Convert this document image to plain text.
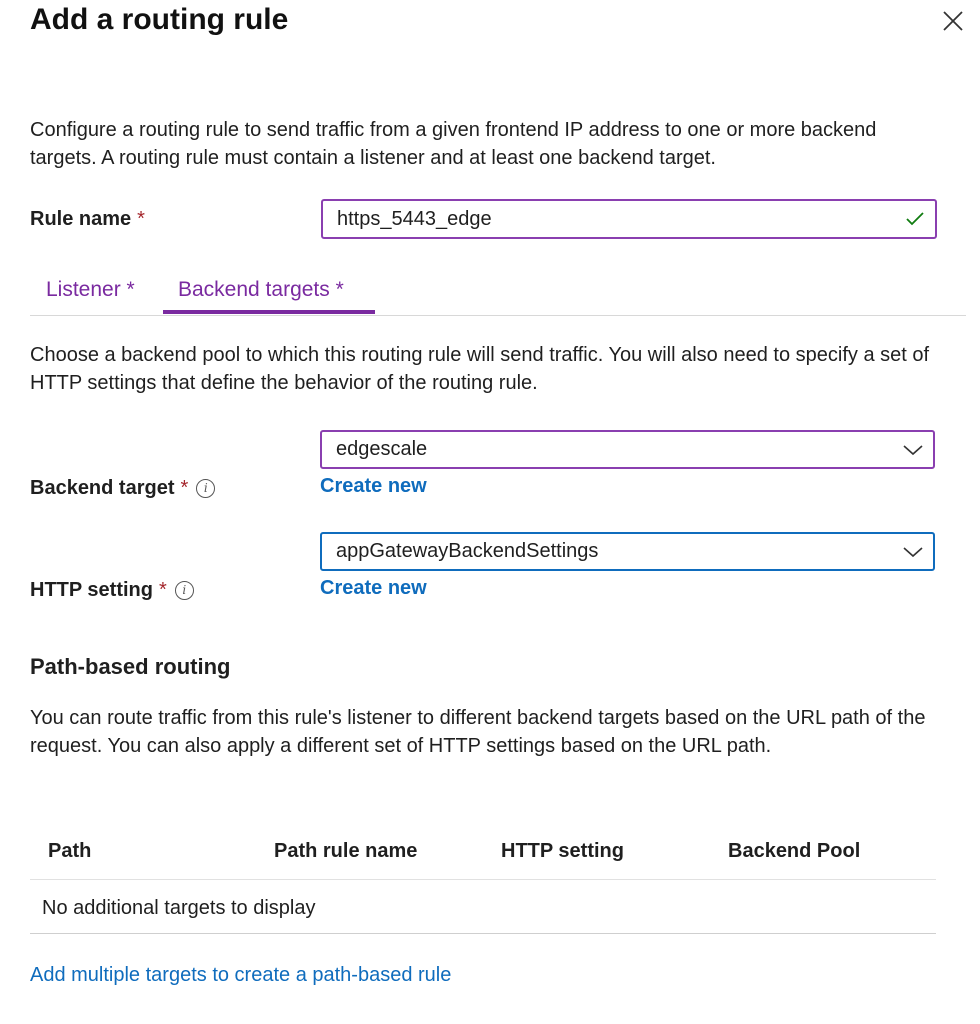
Add a routing rule
Configure a routing rule to send traffic from a given frontend IP address to one or more backend targets. A routing rule must contain a listener and at least one backend target.
Rule name *	https_5443_edge
Listener * Backend targets *
Choose a backend pool to which this routing rule will send traffic. You will also need to specify a set of HTTP settings that define the behavior of the routing rule.
Backend target *	i
edgescale
Create new
HTTP setting *	i
appGatewayBackendSettings
Create new
Path-based routing
You can route traffic from this rule's listener to different backend targets based on the URL path of the request. You can also apply a different set of HTTP settings based on the URL path.
Path	Path rule name	HTTP setting	Backend Pool
No additional targets to display
Add multiple targets to create a path-based rule
